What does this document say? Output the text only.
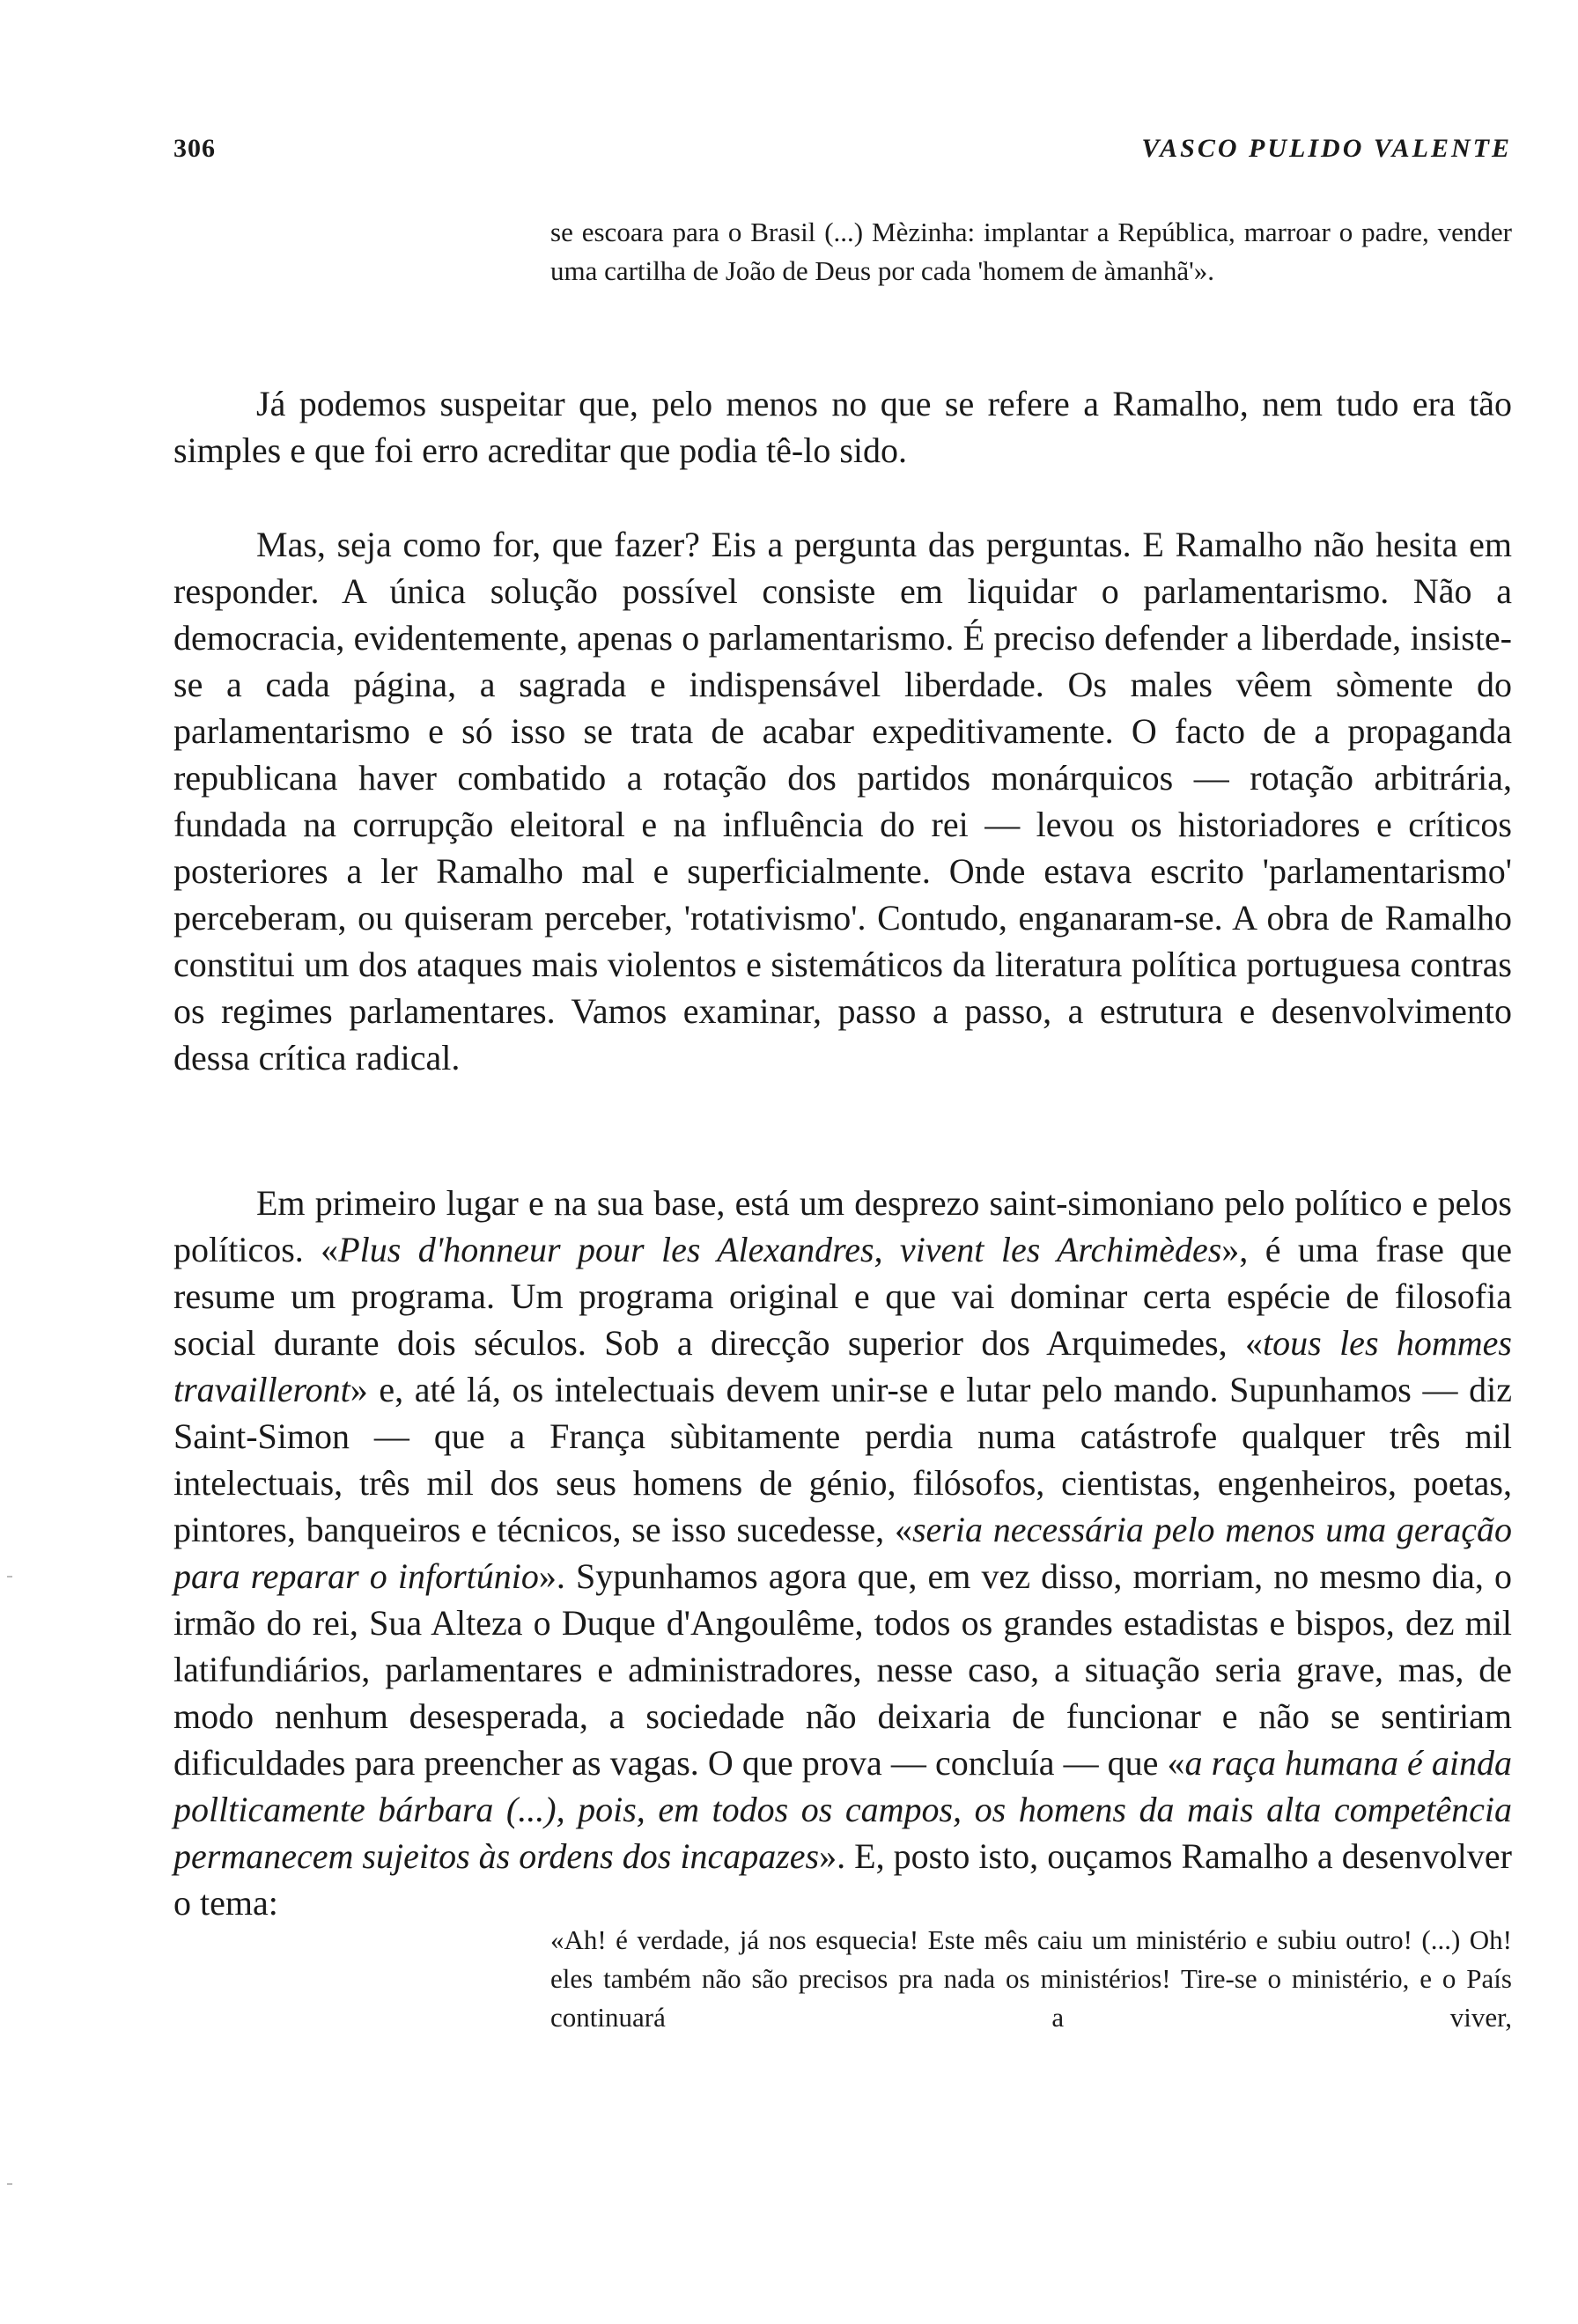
306	VASCO PULIDO VALENTE

se escoara para o Brasil (...) Mèzinha: implantar a República, marroar o padre, vender uma cartilha de João de Deus por cada 'homem de àmanhã'».

Já podemos suspeitar que, pelo menos no que se refere a Ramalho, nem tudo era tão simples e que foi erro acreditar que podia tê-lo sido.

Mas, seja como for, que fazer? Eis a pergunta das perguntas. E Ramalho não hesita em responder. A única solução possível consiste em liquidar o parlamentarismo. Não a democracia, evidentemente, apenas o parlamentarismo. É preciso defender a liberdade, insiste-se a cada página, a sagrada e indispensável liberdade. Os males vêem sòmente do parlamentarismo e só isso se trata de acabar expeditivamente. O facto de a propaganda republicana haver combatido a rotação dos partidos monárquicos — rotação arbitrária, fundada na corrupção eleitoral e na influência do rei — levou os historiadores e críticos posteriores a ler Ramalho mal e superficialmente. Onde estava escrito 'parlamentarismo' perceberam, ou quiseram perceber, 'rotativismo'. Contudo, enganaram-se. A obra de Ramalho constitui um dos ataques mais violentos e sistemáticos da literatura política portuguesa contras os regimes parlamentares. Vamos examinar, passo a passo, a estrutura e desenvolvimento dessa crítica radical.

Em primeiro lugar e na sua base, está um desprezo saint-simoniano pelo político e pelos políticos. «Plus d'honneur pour les Alexandres, vivent les Archimèdes», é uma frase que resume um programa. Um programa original e que vai dominar certa espécie de filosofia social durante dois séculos. Sob a direcção superior dos Arquimedes, «tous les hommes travailleront» e, até lá, os intelectuais devem unir-se e lutar pelo mando. Supunhamos — diz Saint-Simon — que a França sùbitamente perdia numa catástrofe qualquer três mil intelectuais, três mil dos seus homens de génio, filósofos, cientistas, engenheiros, poetas, pintores, banqueiros e técnicos, se isso sucedesse, «seria necessária pelo menos uma geração para reparar o infortúnio». Sypunhamos agora que, em vez disso, morriam, no mesmo dia, o irmão do rei, Sua Alteza o Duque d'Angoulême, todos os grandes estadistas e bispos, dez mil latifundiários, parlamentares e administradores, nesse caso, a situação seria grave, mas, de modo nenhum desesperada, a sociedade não deixaria de funcionar e não se sentiriam dificuldades para preencher as vagas. O que prova — concluía — que «a raça humana é ainda pollticamente bárbara (...), pois, em todos os campos, os homens da mais alta competência permanecem sujeitos às ordens dos incapazes». E, posto isto, ouçamos Ramalho a desenvolver o tema:

«Ah! é verdade, já nos esquecia! Este mês caiu um ministério e subiu outro! (...) Oh! eles também não são precisos pra nada os ministérios! Tire-se o ministério, e o País continuará a viver,
